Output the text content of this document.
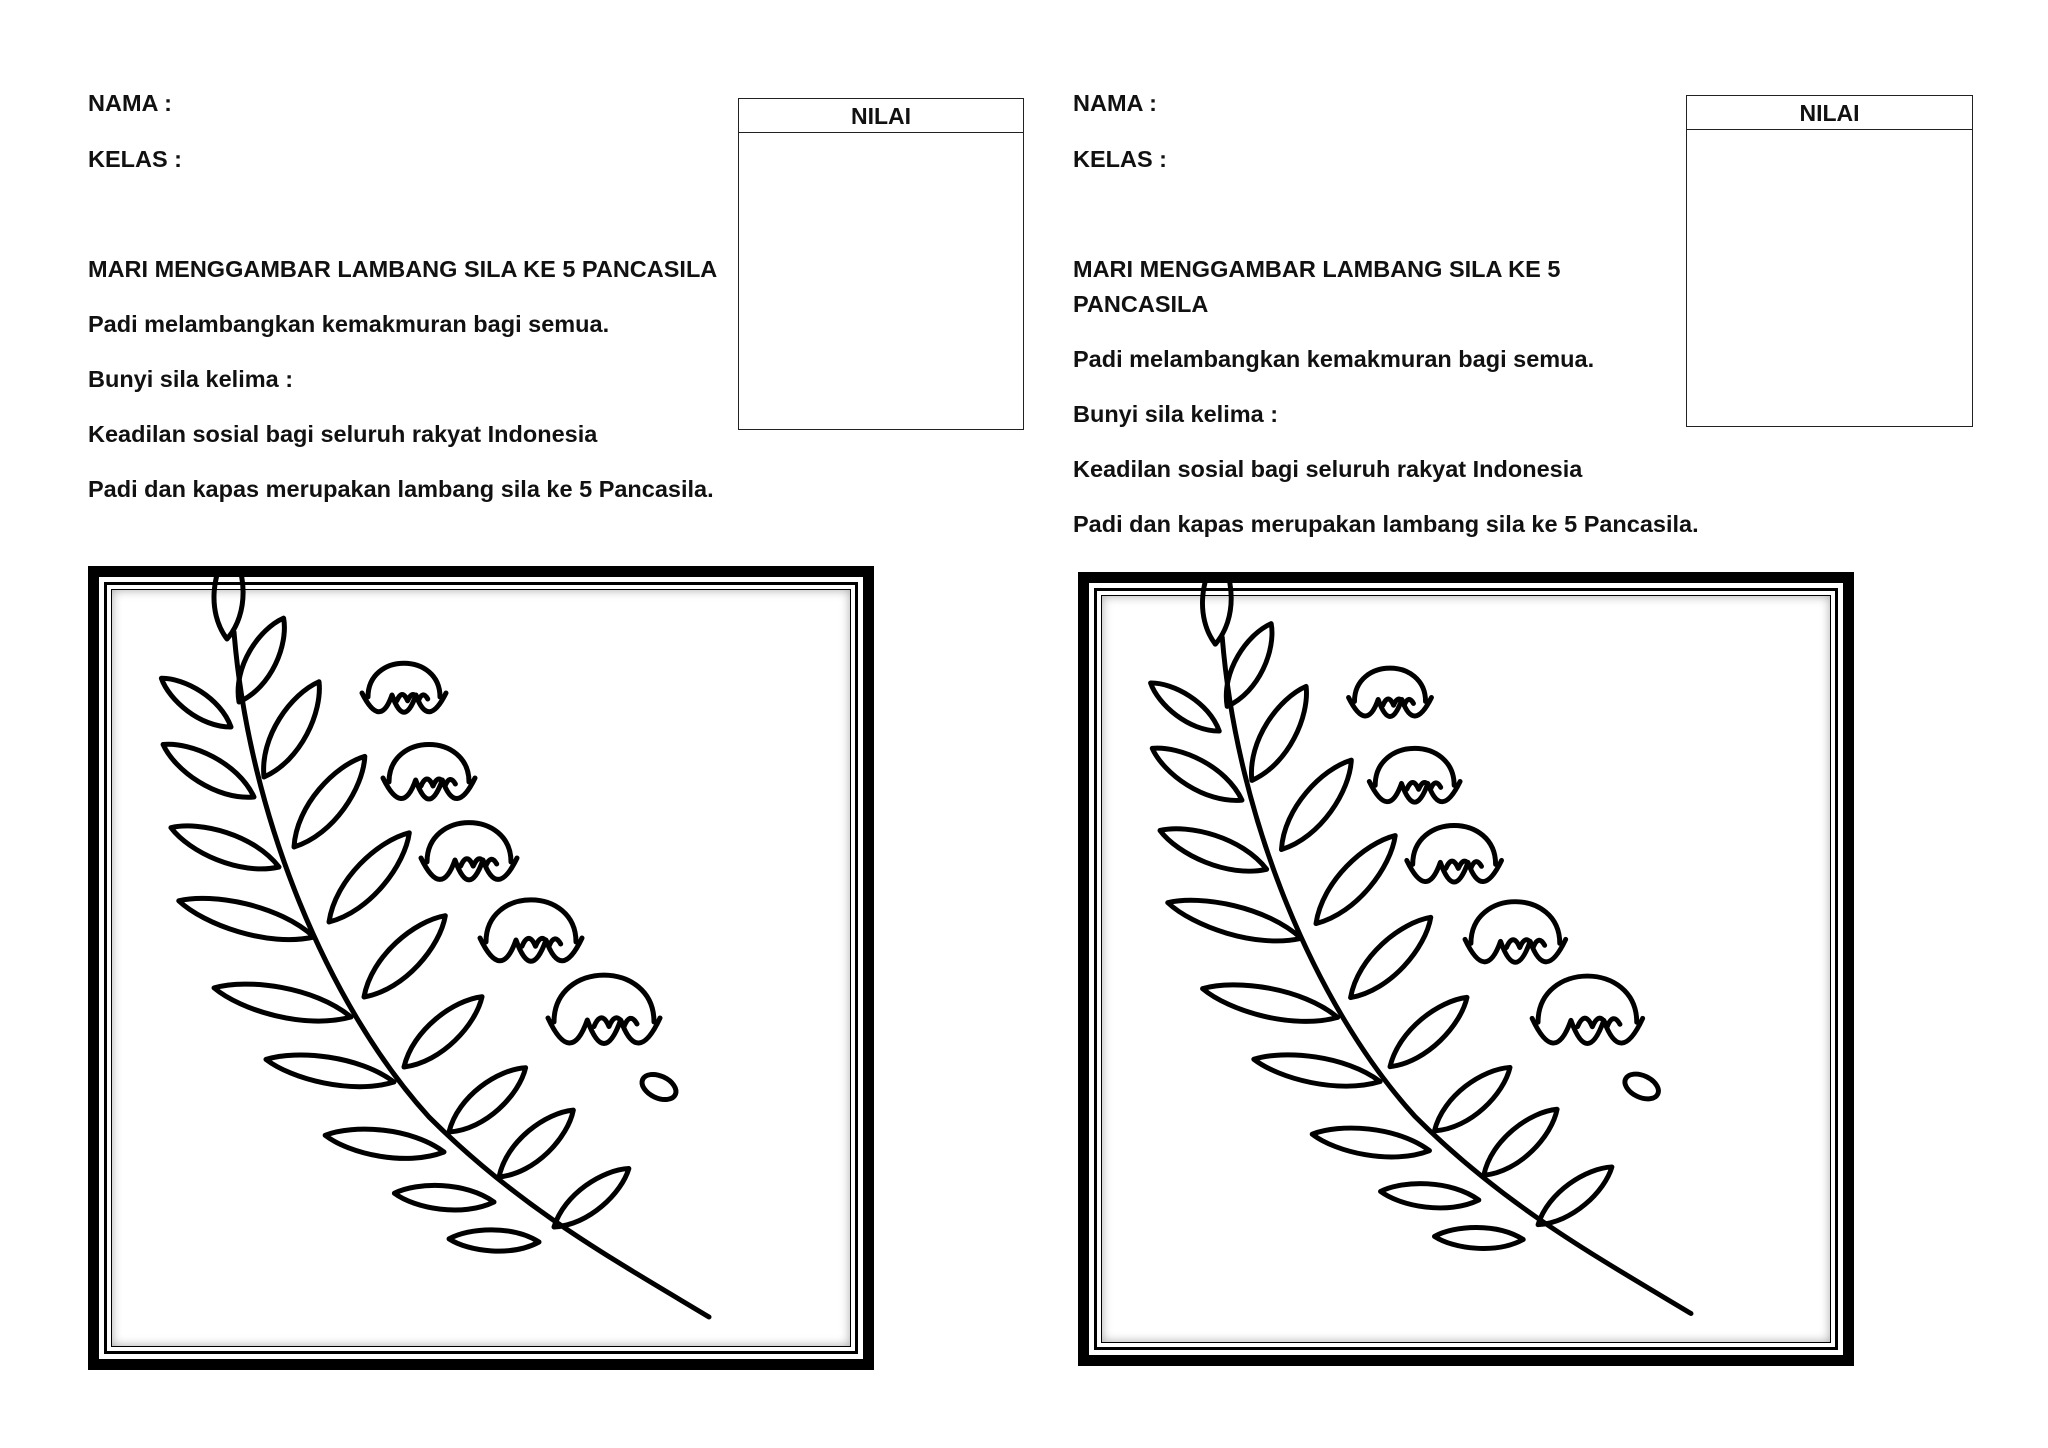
NAMA :
KELAS :
MARI MENGGAMBAR LAMBANG SILA KE 5 PANCASILA
Padi melambangkan kemakmuran bagi semua.
Bunyi sila kelima :
Keadilan sosial bagi seluruh rakyat Indonesia
Padi dan kapas merupakan lambang sila ke 5 Pancasila.
NILAI	NAMA :
KELAS :
MARI MENGGAMBAR LAMBANG SILA KE 5 PANCASILA
Padi melambangkan kemakmuran bagi semua.
Bunyi sila kelima :
Keadilan sosial bagi seluruh rakyat Indonesia
Padi dan kapas merupakan lambang sila ke 5 Pancasila.
NILAI
